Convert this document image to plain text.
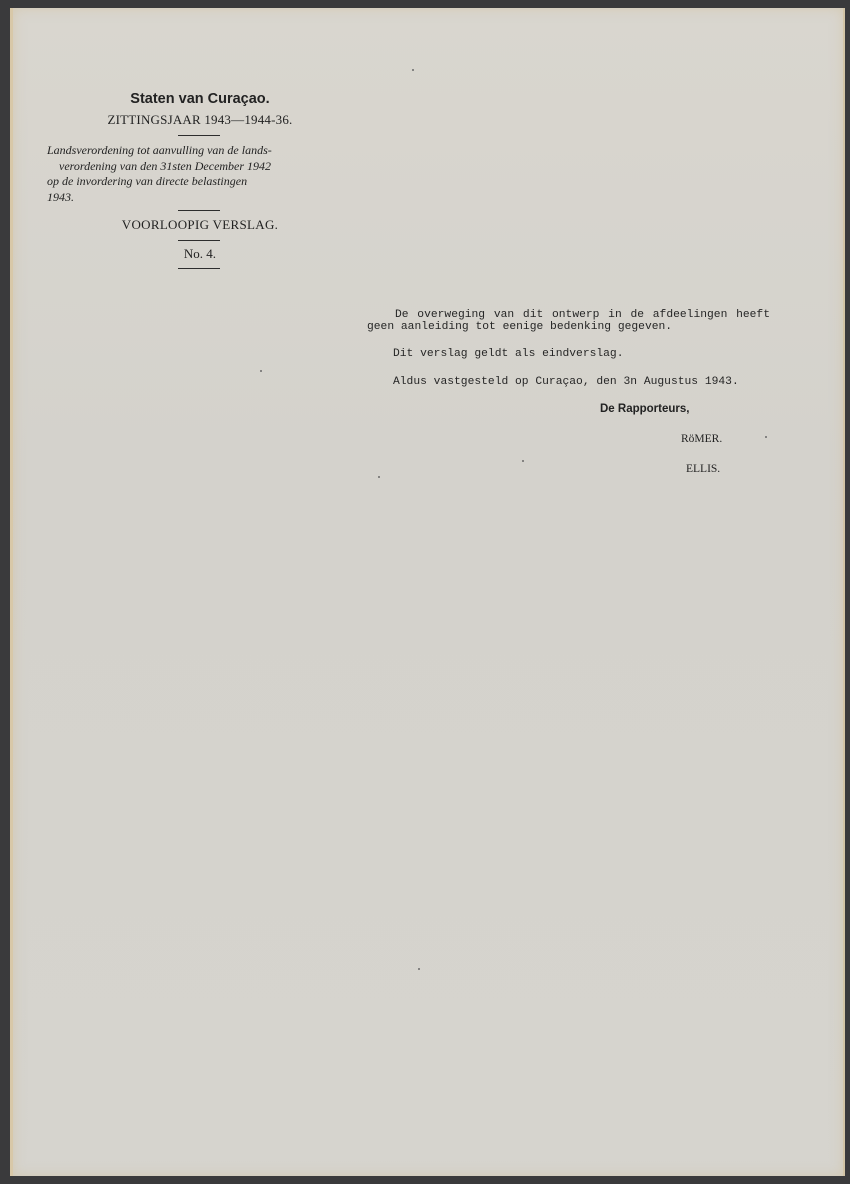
Staten van Curaçao.
ZITTINGSJAAR 1943—1944-36.
Landsverordening tot aanvulling van de lands-
verordening van den 31sten December 1942
op de invordering van directe belastingen
1943.
VOORLOOPIG VERSLAG.
No. 4.
De overweging van dit ontwerp in de afdeelingen heeft
geen aanleiding tot eenige bedenking gegeven.
Dit verslag geldt als eindverslag.
Aldus vastgesteld op Curaçao, den 3n Augustus 1943.
De Rapporteurs,
RöMER.
ELLIS.
